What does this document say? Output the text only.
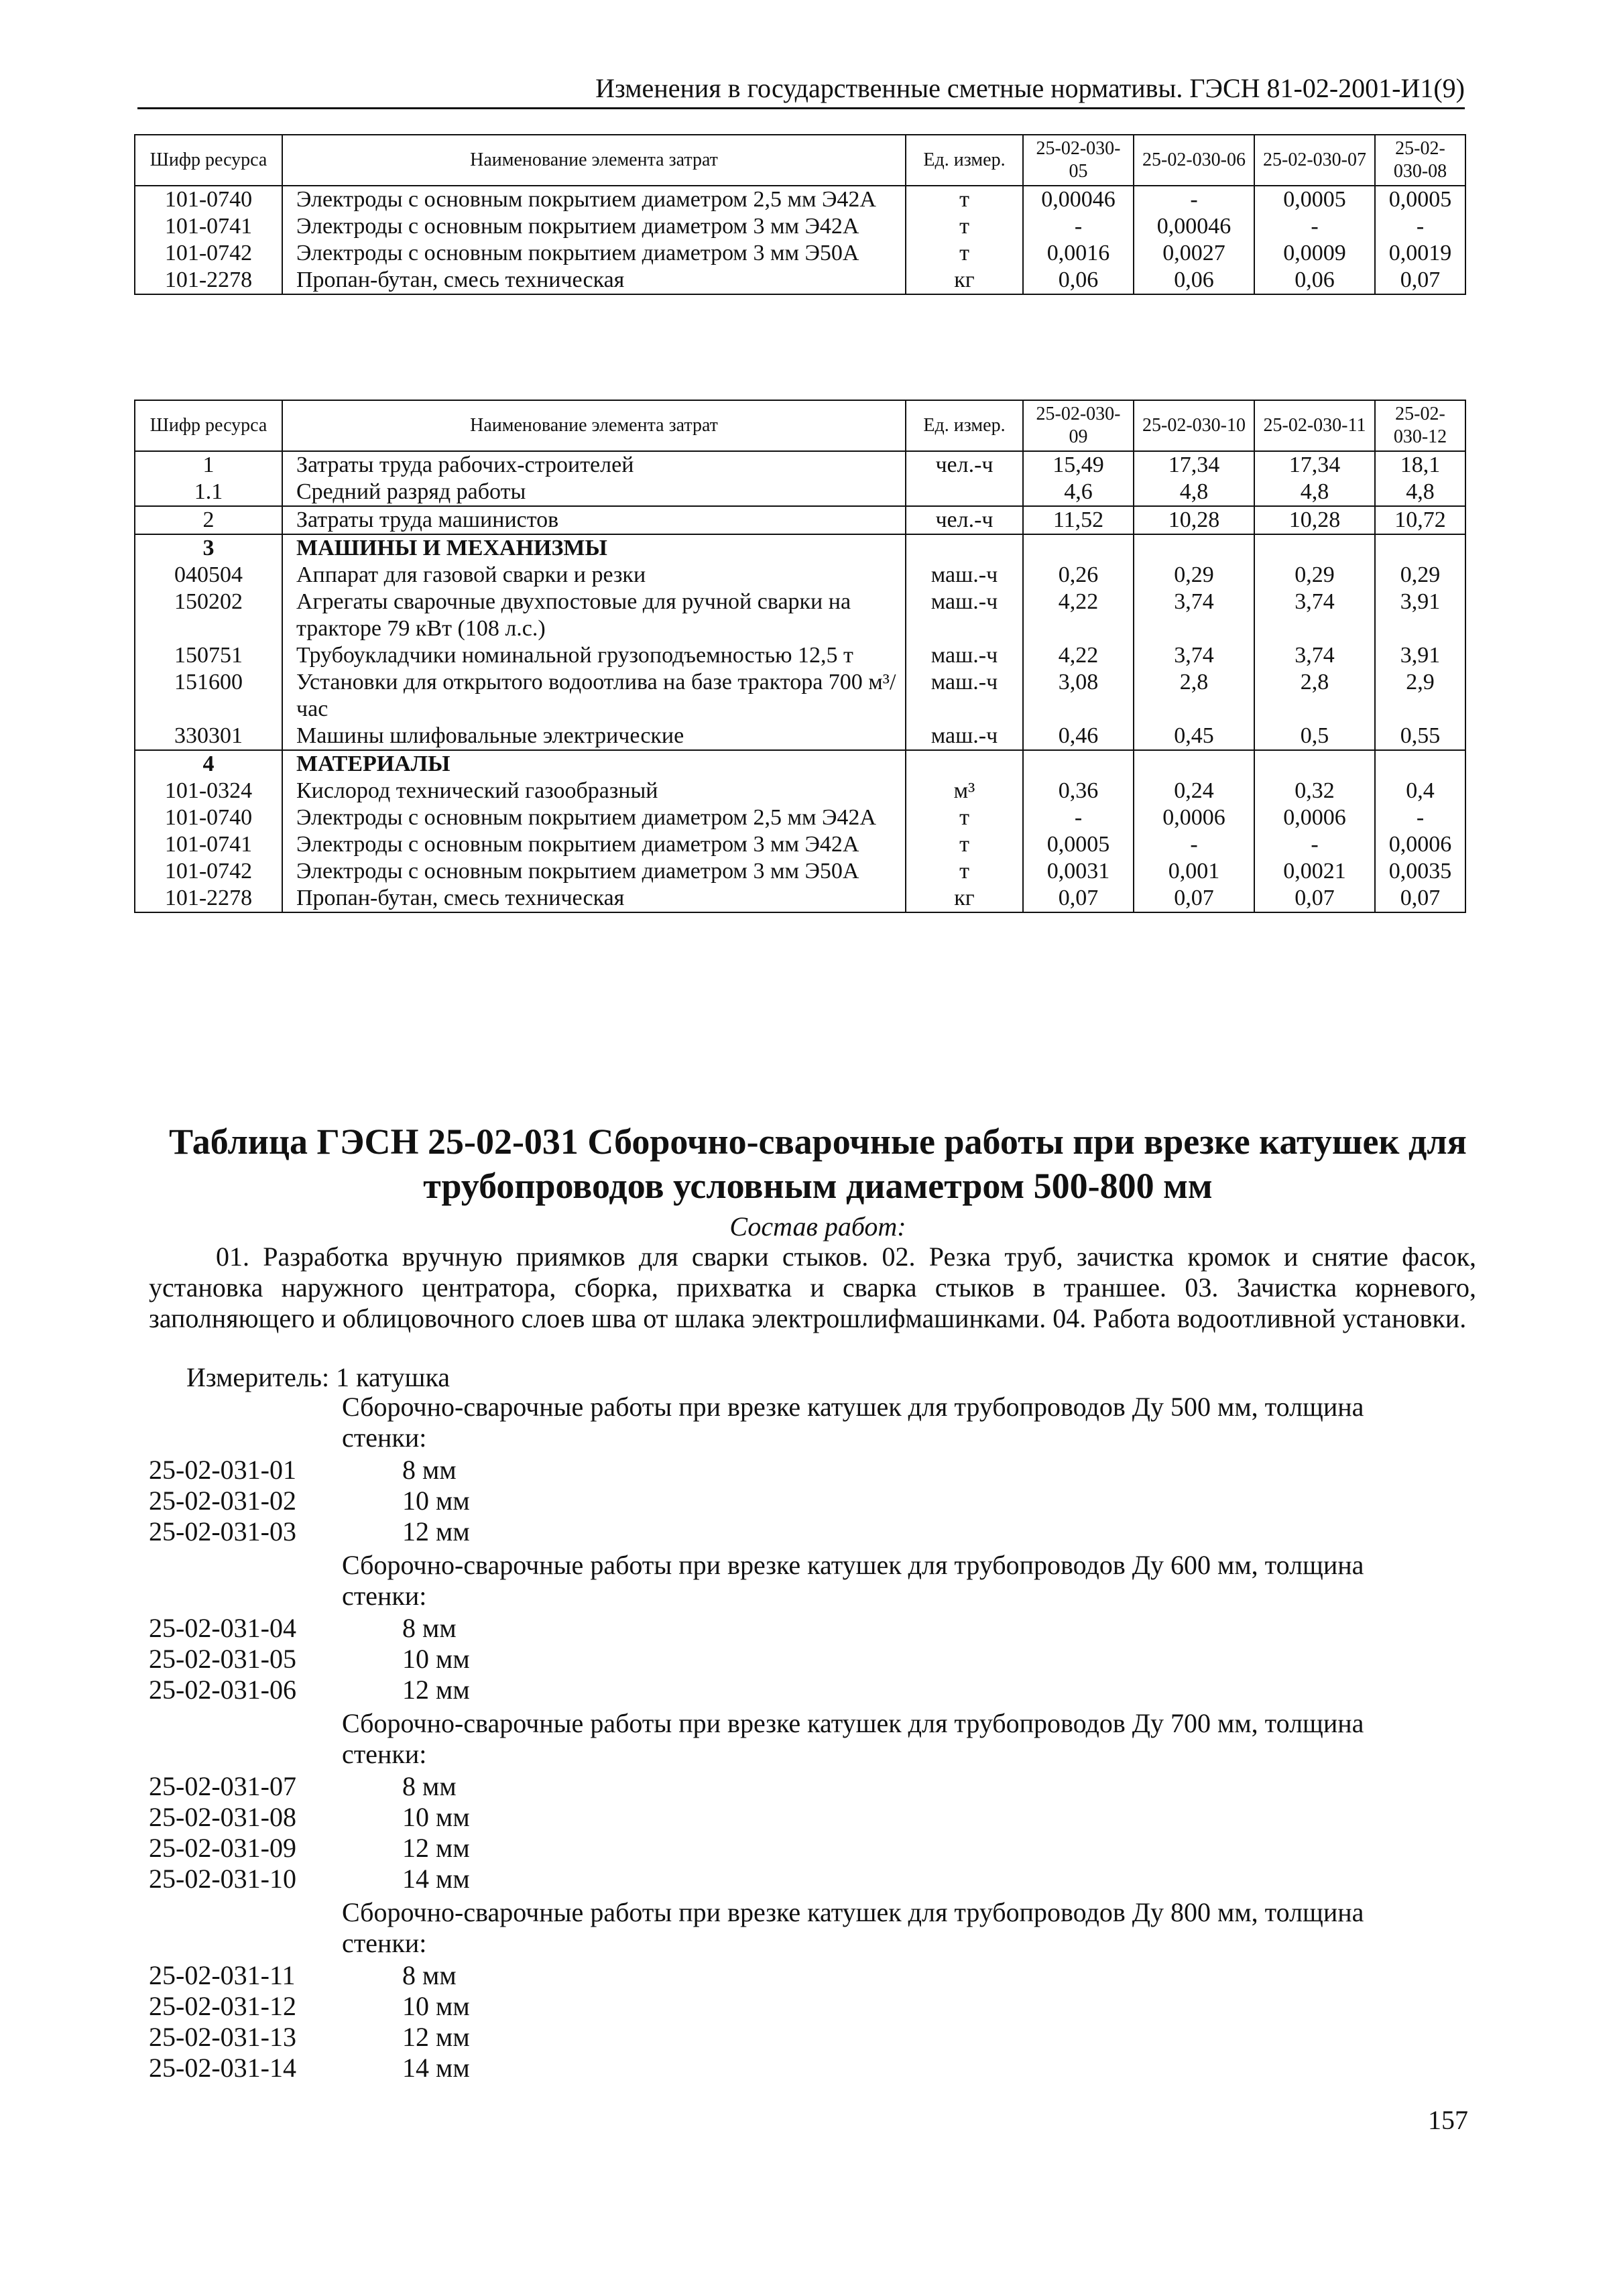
Изменения в государственные сметные нормативы. ГЭСН 81-02-2001-И1(9)
Шифр ресурса	Наименование элемента затрат	Ед. измер.	25-02-030-05	25-02-030-06	25-02-030-07	25-02-030-08
101-0740	Электроды с основным покрытием диаметром 2,5 мм Э42А	т	0,00046	-	0,0005	0,0005
101-0741	Электроды с основным покрытием диаметром 3 мм Э42А	т	-	0,00046	-	-
101-0742	Электроды с основным покрытием диаметром 3 мм Э50А	т	0,0016	0,0027	0,0009	0,0019
101-2278	Пропан-бутан, смесь техническая	кг	0,06	0,06	0,06	0,07
Шифр ресурса	Наименование элемента затрат	Ед. измер.	25-02-030-09	25-02-030-10	25-02-030-11	25-02-030-12
1	Затраты труда рабочих-строителей	чел.-ч	15,49	17,34	17,34	18,1
1.1	Средний разряд работы		4,6	4,8	4,8	4,8
2	Затраты труда машинистов	чел.-ч	11,52	10,28	10,28	10,72
3	МАШИНЫ И МЕХАНИЗМЫ					
040504	Аппарат для газовой сварки и резки	маш.-ч	0,26	0,29	0,29	0,29
150202	Агрегаты сварочные двухпостовые для ручной сварки на тракторе 79 кВт (108 л.с.)	маш.-ч	4,22	3,74	3,74	3,91
150751	Трубоукладчики номинальной грузоподъемностью 12,5 т	маш.-ч	4,22	3,74	3,74	3,91
151600	Установки для открытого водоотлива на базе трактора 700 м³/час	маш.-ч	3,08	2,8	2,8	2,9
330301	Машины шлифовальные электрические	маш.-ч	0,46	0,45	0,5	0,55
4	МАТЕРИАЛЫ					
101-0324	Кислород технический газообразный	м³	0,36	0,24	0,32	0,4
101-0740	Электроды с основным покрытием диаметром 2,5 мм Э42А	т	-	0,0006	0,0006	-
101-0741	Электроды с основным покрытием диаметром 3 мм Э42А	т	0,0005	-	-	0,0006
101-0742	Электроды с основным покрытием диаметром 3 мм Э50А	т	0,0031	0,001	0,0021	0,0035
101-2278	Пропан-бутан, смесь техническая	кг	0,07	0,07	0,07	0,07
Таблица ГЭСН 25-02-031 Сборочно-сварочные работы при врезке катушек для трубопроводов условным диаметром 500-800 мм
Состав работ:
01. Разработка вручную приямков для сварки стыков. 02. Резка труб, зачистка кромок и снятие фасок, установка наружного центратора, сборка, прихватка и сварка стыков в траншее. 03. Зачистка корневого, заполняющего и облицовочного слоев шва от шлака электрошлифмашинками. 04. Работа водоотливной установки.
Измеритель: 1 катушка
Сборочно-сварочные работы при врезке катушек для трубопроводов Ду 500 мм, толщина стенки:
25-02-031-01	8 мм
25-02-031-02	10 мм
25-02-031-03	12 мм
Сборочно-сварочные работы при врезке катушек для трубопроводов Ду 600 мм, толщина стенки:
25-02-031-04	8 мм
25-02-031-05	10 мм
25-02-031-06	12 мм
Сборочно-сварочные работы при врезке катушек для трубопроводов Ду 700 мм, толщина стенки:
25-02-031-07	8 мм
25-02-031-08	10 мм
25-02-031-09	12 мм
25-02-031-10	14 мм
Сборочно-сварочные работы при врезке катушек для трубопроводов Ду 800 мм, толщина стенки:
25-02-031-11	8 мм
25-02-031-12	10 мм
25-02-031-13	12 мм
25-02-031-14	14 мм
157
